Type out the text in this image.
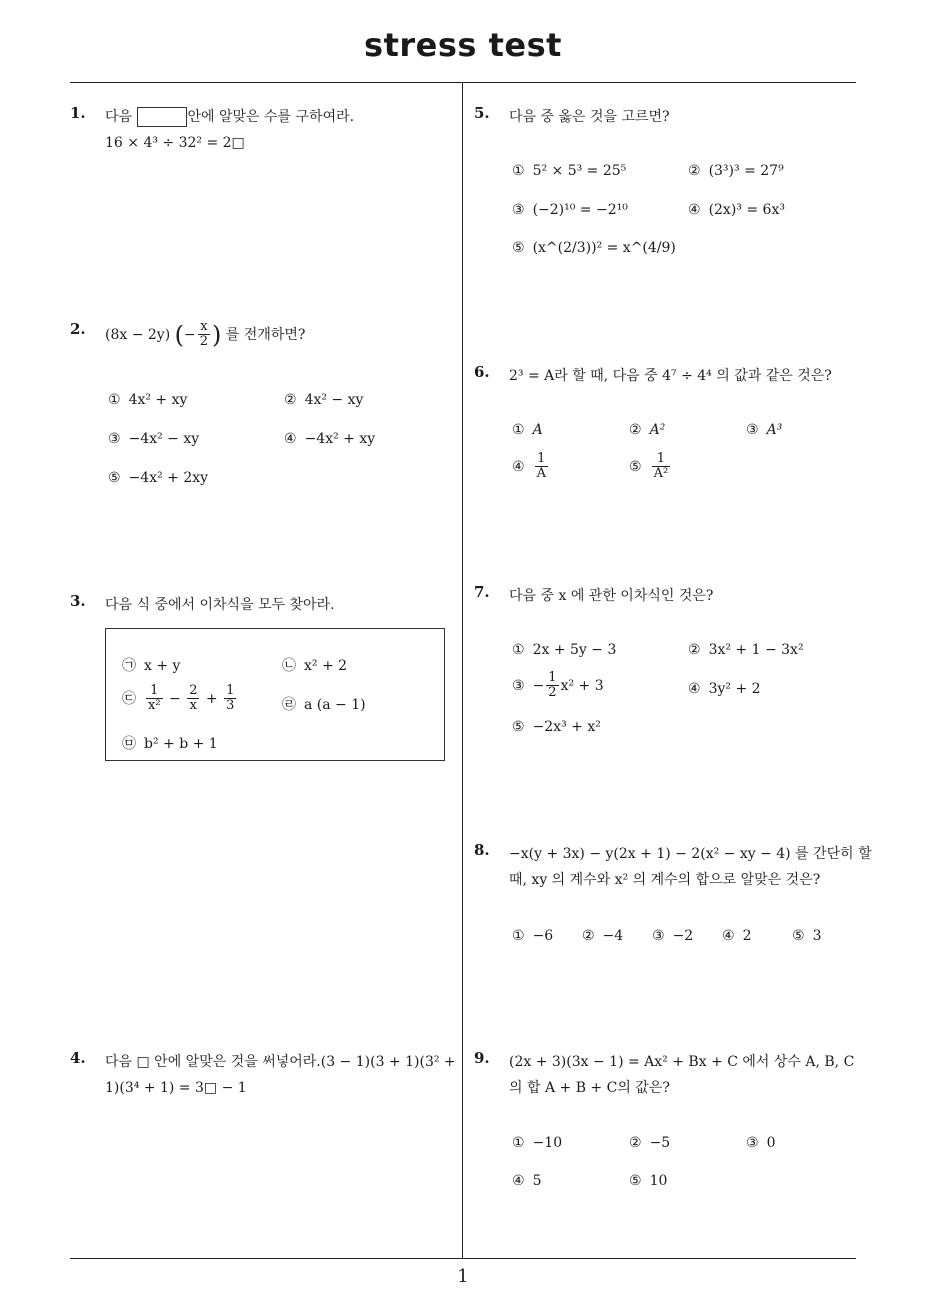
stress test
1
1. 다음	안에 알맞은 수를 구하여라.
16 × 4³ ÷ 32² = 2□
2. (8x − 2y) (− $\frac{x}{2}$ ) 를 전개하면?
① 4x² + xy	② 4x² − xy
③ −4x² − xy	④ −4x² + xy
⑤ −4x² + 2xy
3. 다음 식 중에서 이차식을 모두 찾아라.
㉠ x + y	㉡ x² + 2
㉢ $\frac{1}{\text{x²}} - \frac{2}{x} + \frac{1}{3}$	㉣ a (a − 1)
㉤ b² + b + 1
4. 다음 □ 안에 알맞은 것을 써넣어라.(3 − 1)(3 + 1)(3² +
1)(3⁴ + 1) = 3□ − 1
5. 다음 중 옳은 것을 고르면?
① 5² × 5³ = 25⁵	② (3³)³ = 27⁹
③ (−2)¹⁰ = −2¹⁰	④ (2x)³ = 6x³
⑤ (x^(2/3))² = x^(4/9)
6. 2³ = A라 할 때, 다음 중 4⁷ ÷ 4⁴ 의 값과 같은 것은?
① A	② A²	③ A³
④ $\frac{1}{A}$	⑤ $\frac{1}{\text{A²}}$
7. 다음 중 x 에 관한 이차식인 것은?
① 2x + 5y − 3	② 3x² + 1 − 3x²
③ − $\frac{1}{2} x^2 + 3$	④ 3y² + 2
⑤ −2x³ + x²
8. −x(y + 3x) − y(2x + 1) − 2(x² − xy − 4) 를 간단히 할
때, xy 의 계수와 x² 의 계수의 합으로 알맞은 것은?
① −6 ② −4 ③ −2 ④ 2	⑤ 3
9. (2x + 3)(3x − 1) = Ax² + Bx + C 에서 상수 A, B, C
의 합 A + B + C의 값은?
① −10	② −5	③ 0
④ 5	⑤ 10
